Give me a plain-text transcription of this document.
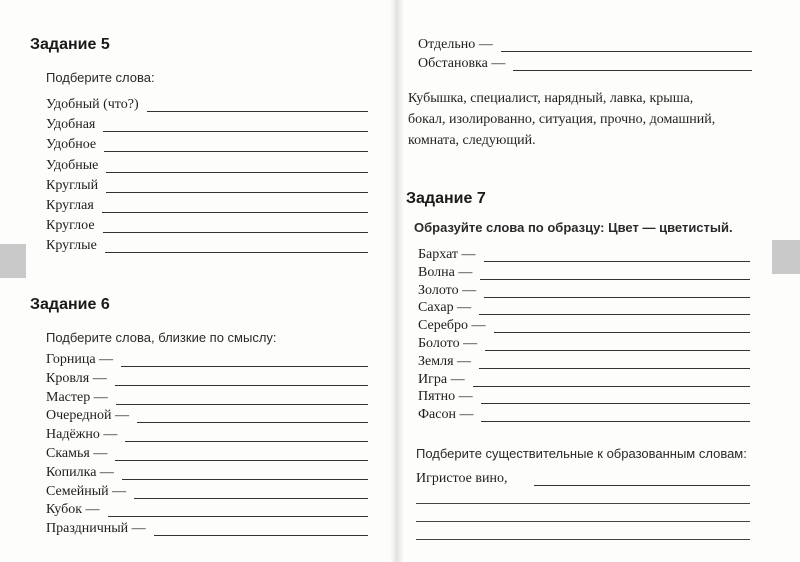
Задание 5
Подберите слова:
Удобный (что?)
Удобная
Удобное
Удобные
Круглый
Круглая
Круглое
Круглые
Задание 6
Подберите слова, близкие по смыслу:
Горница —
Кровля —
Мастер —
Очередной —
Надёжно —
Скамья —
Копилка —
Семейный —
Кубок —
Праздничный —
Отдельно —
Обстановка —
Кубышка, специалист, нарядный, лавка, крыша,
бокал, изолированно, ситуация, прочно, домашний,
комната, следующий.
Задание 7
Образуйте слова по образцу: Цвет — цветистый.
Бархат —
Волна —
Золото —
Сахар —
Серебро —
Болото —
Земля —
Игра —
Пятно —
Фасон —
Подберите существительные к образованным словам:
Игристое вино,
